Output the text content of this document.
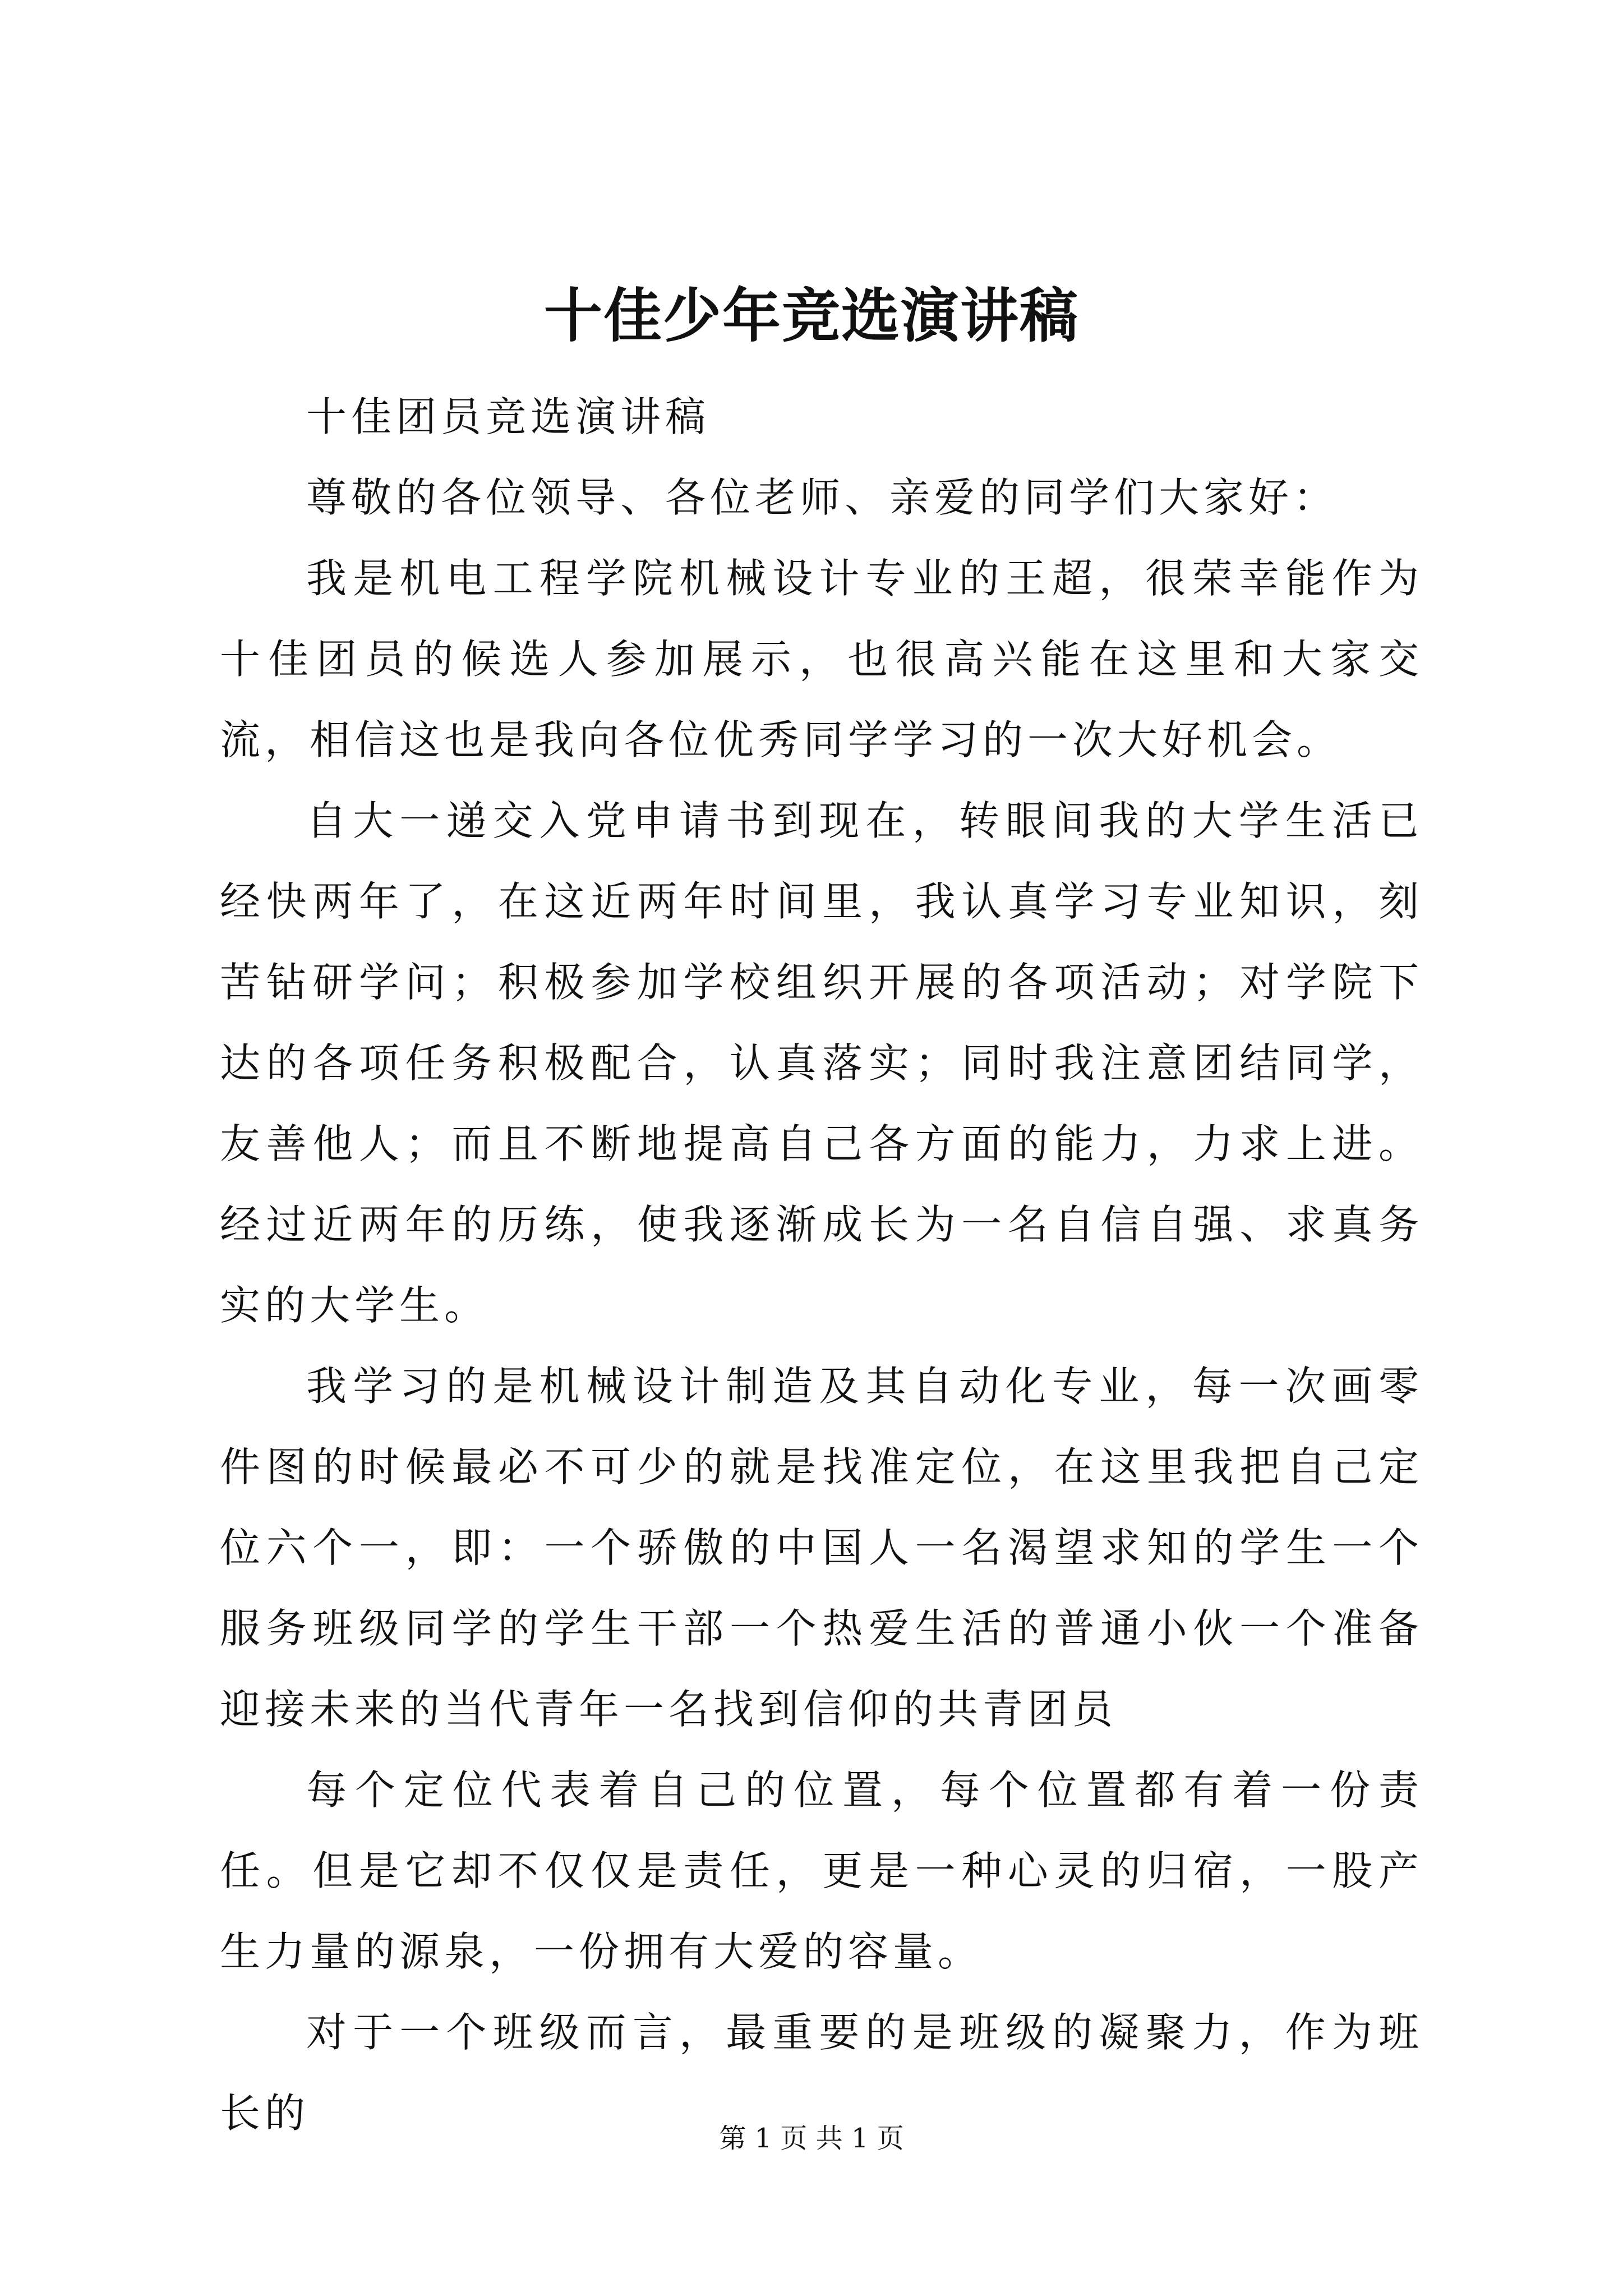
十佳少年竞选演讲稿

十佳团员竞选演讲稿

尊敬的各位领导、各位老师、亲爱的同学们大家好：

我是机电工程学院机械设计专业的王超，很荣幸能作为十佳团员的候选人参加展示，也很高兴能在这里和大家交流，相信这也是我向各位优秀同学学习的一次大好机会。

自大一递交入党申请书到现在，转眼间我的大学生活已经快两年了，在这近两年时间里，我认真学习专业知识，刻苦钻研学问；积极参加学校组织开展的各项活动；对学院下达的各项任务积极配合，认真落实；同时我注意团结同学，友善他人；而且不断地提高自己各方面的能力，力求上进。经过近两年的历练，使我逐渐成长为一名自信自强、求真务实的大学生。

我学习的是机械设计制造及其自动化专业，每一次画零件图的时候最必不可少的就是找准定位，在这里我把自己定位六个一，即：一个骄傲的中国人一名渴望求知的学生一个服务班级同学的学生干部一个热爱生活的普通小伙一个准备迎接未来的当代青年一名找到信仰的共青团员

每个定位代表着自己的位置，每个位置都有着一份责任。但是它却不仅仅是责任，更是一种心灵的归宿，一股产生力量的源泉，一份拥有大爱的容量。

对于一个班级而言，最重要的是班级的凝聚力，作为班长的

第 1 页 共 1 页
